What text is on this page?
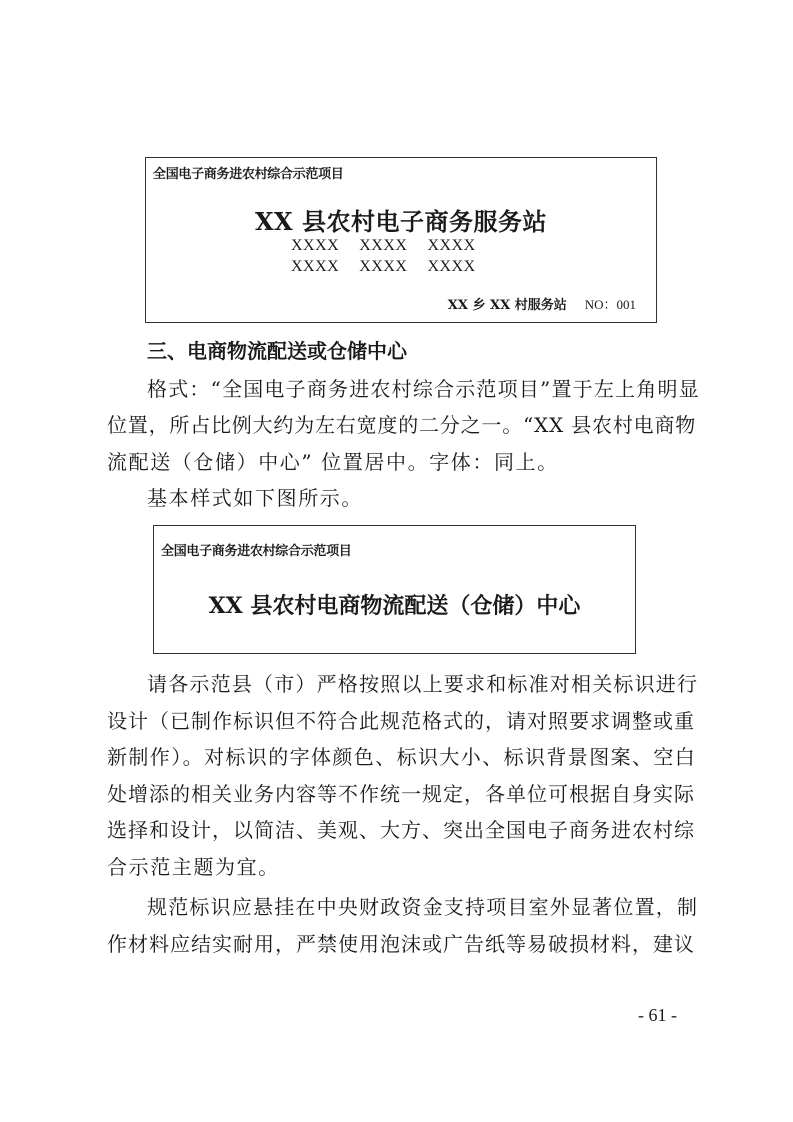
全国电子商务进农村综合示范项目
XX 县农村电子商务服务站
XXXX XXXX XXXX
XXXX XXXX XXXX
XX 乡 XX 村服务站 NO：001
三、电商物流配送或仓储中心
格式：“全国电子商务进农村综合示范项目”置于左上角明显
位置，所占比例大约为左右宽度的二分之一。“XX 县农村电商物
流配送（仓储）中心” 位置居中。字体：同上。
基本样式如下图所示。
全国电子商务进农村综合示范项目
XX 县农村电商物流配送（仓储）中心
请各示范县（市）严格按照以上要求和标准对相关标识进行
设计（已制作标识但不符合此规范格式的，请对照要求调整或重
新制作）。对标识的字体颜色、标识大小、标识背景图案、空白
处增添的相关业务内容等不作统一规定，各单位可根据自身实际
选择和设计，以简洁、美观、大方、突出全国电子商务进农村综
合示范主题为宜。
规范标识应悬挂在中央财政资金支持项目室外显著位置，制
作材料应结实耐用，严禁使用泡沫或广告纸等易破损材料，建议
- 61 -
